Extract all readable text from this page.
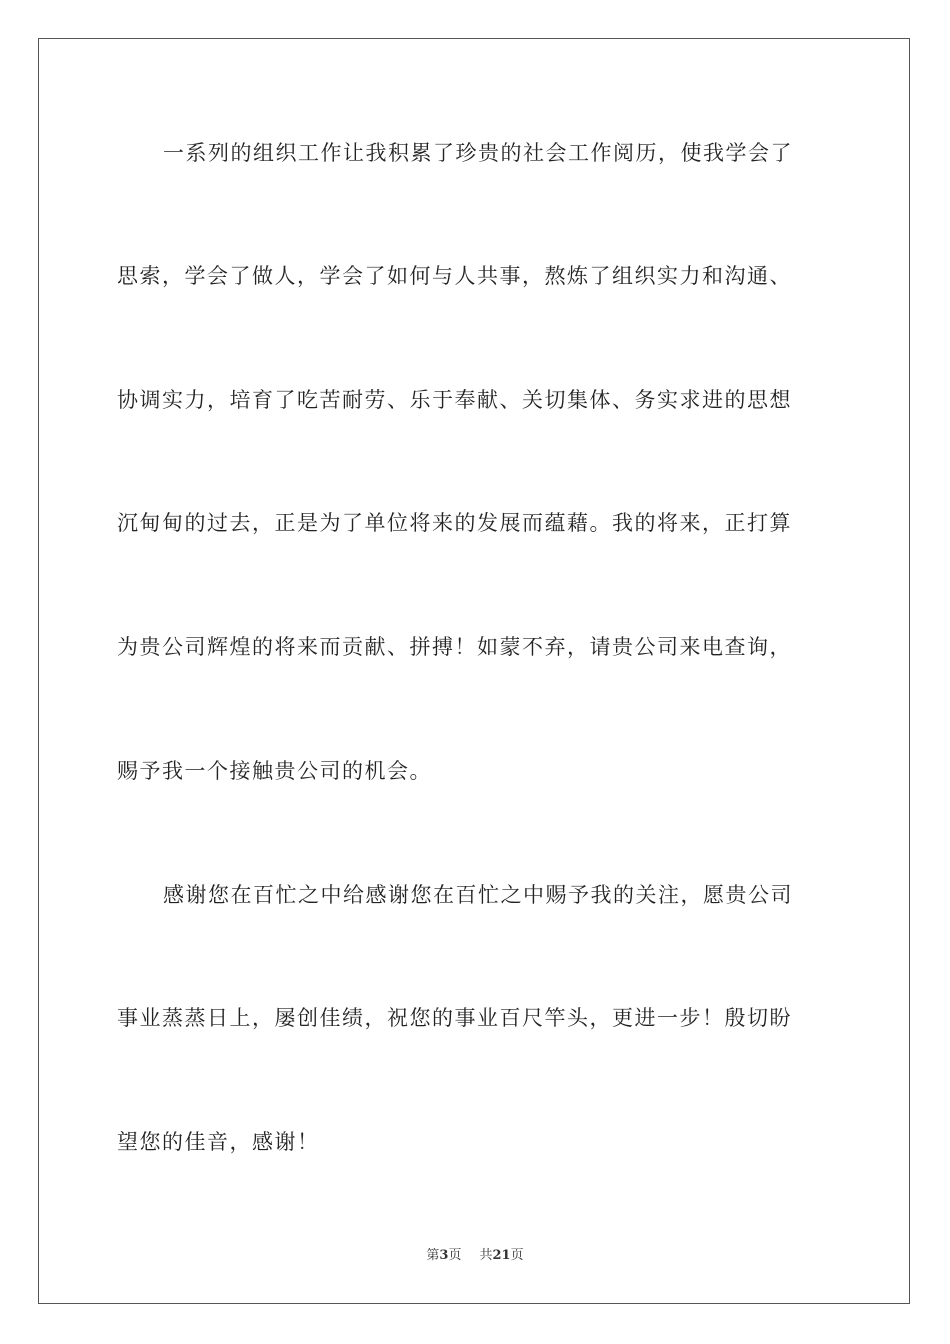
一系列的组织工作让我积累了珍贵的社会工作阅历，使我学会了
思索，学会了做人，学会了如何与人共事，熬炼了组织实力和沟通、
协调实力，培育了吃苦耐劳、乐于奉献、关切集体、务实求进的思想
沉甸甸的过去，正是为了单位将来的发展而蕴藉。我的将来，正打算
为贵公司辉煌的将来而贡献、拼搏！如蒙不弃，请贵公司来电查询，
赐予我一个接触贵公司的机会。
感谢您在百忙之中给感谢您在百忙之中赐予我的关注，愿贵公司
事业蒸蒸日上，屡创佳绩，祝您的事业百尺竿头，更进一步！殷切盼
望您的佳音，感谢！
第3页 共21页
